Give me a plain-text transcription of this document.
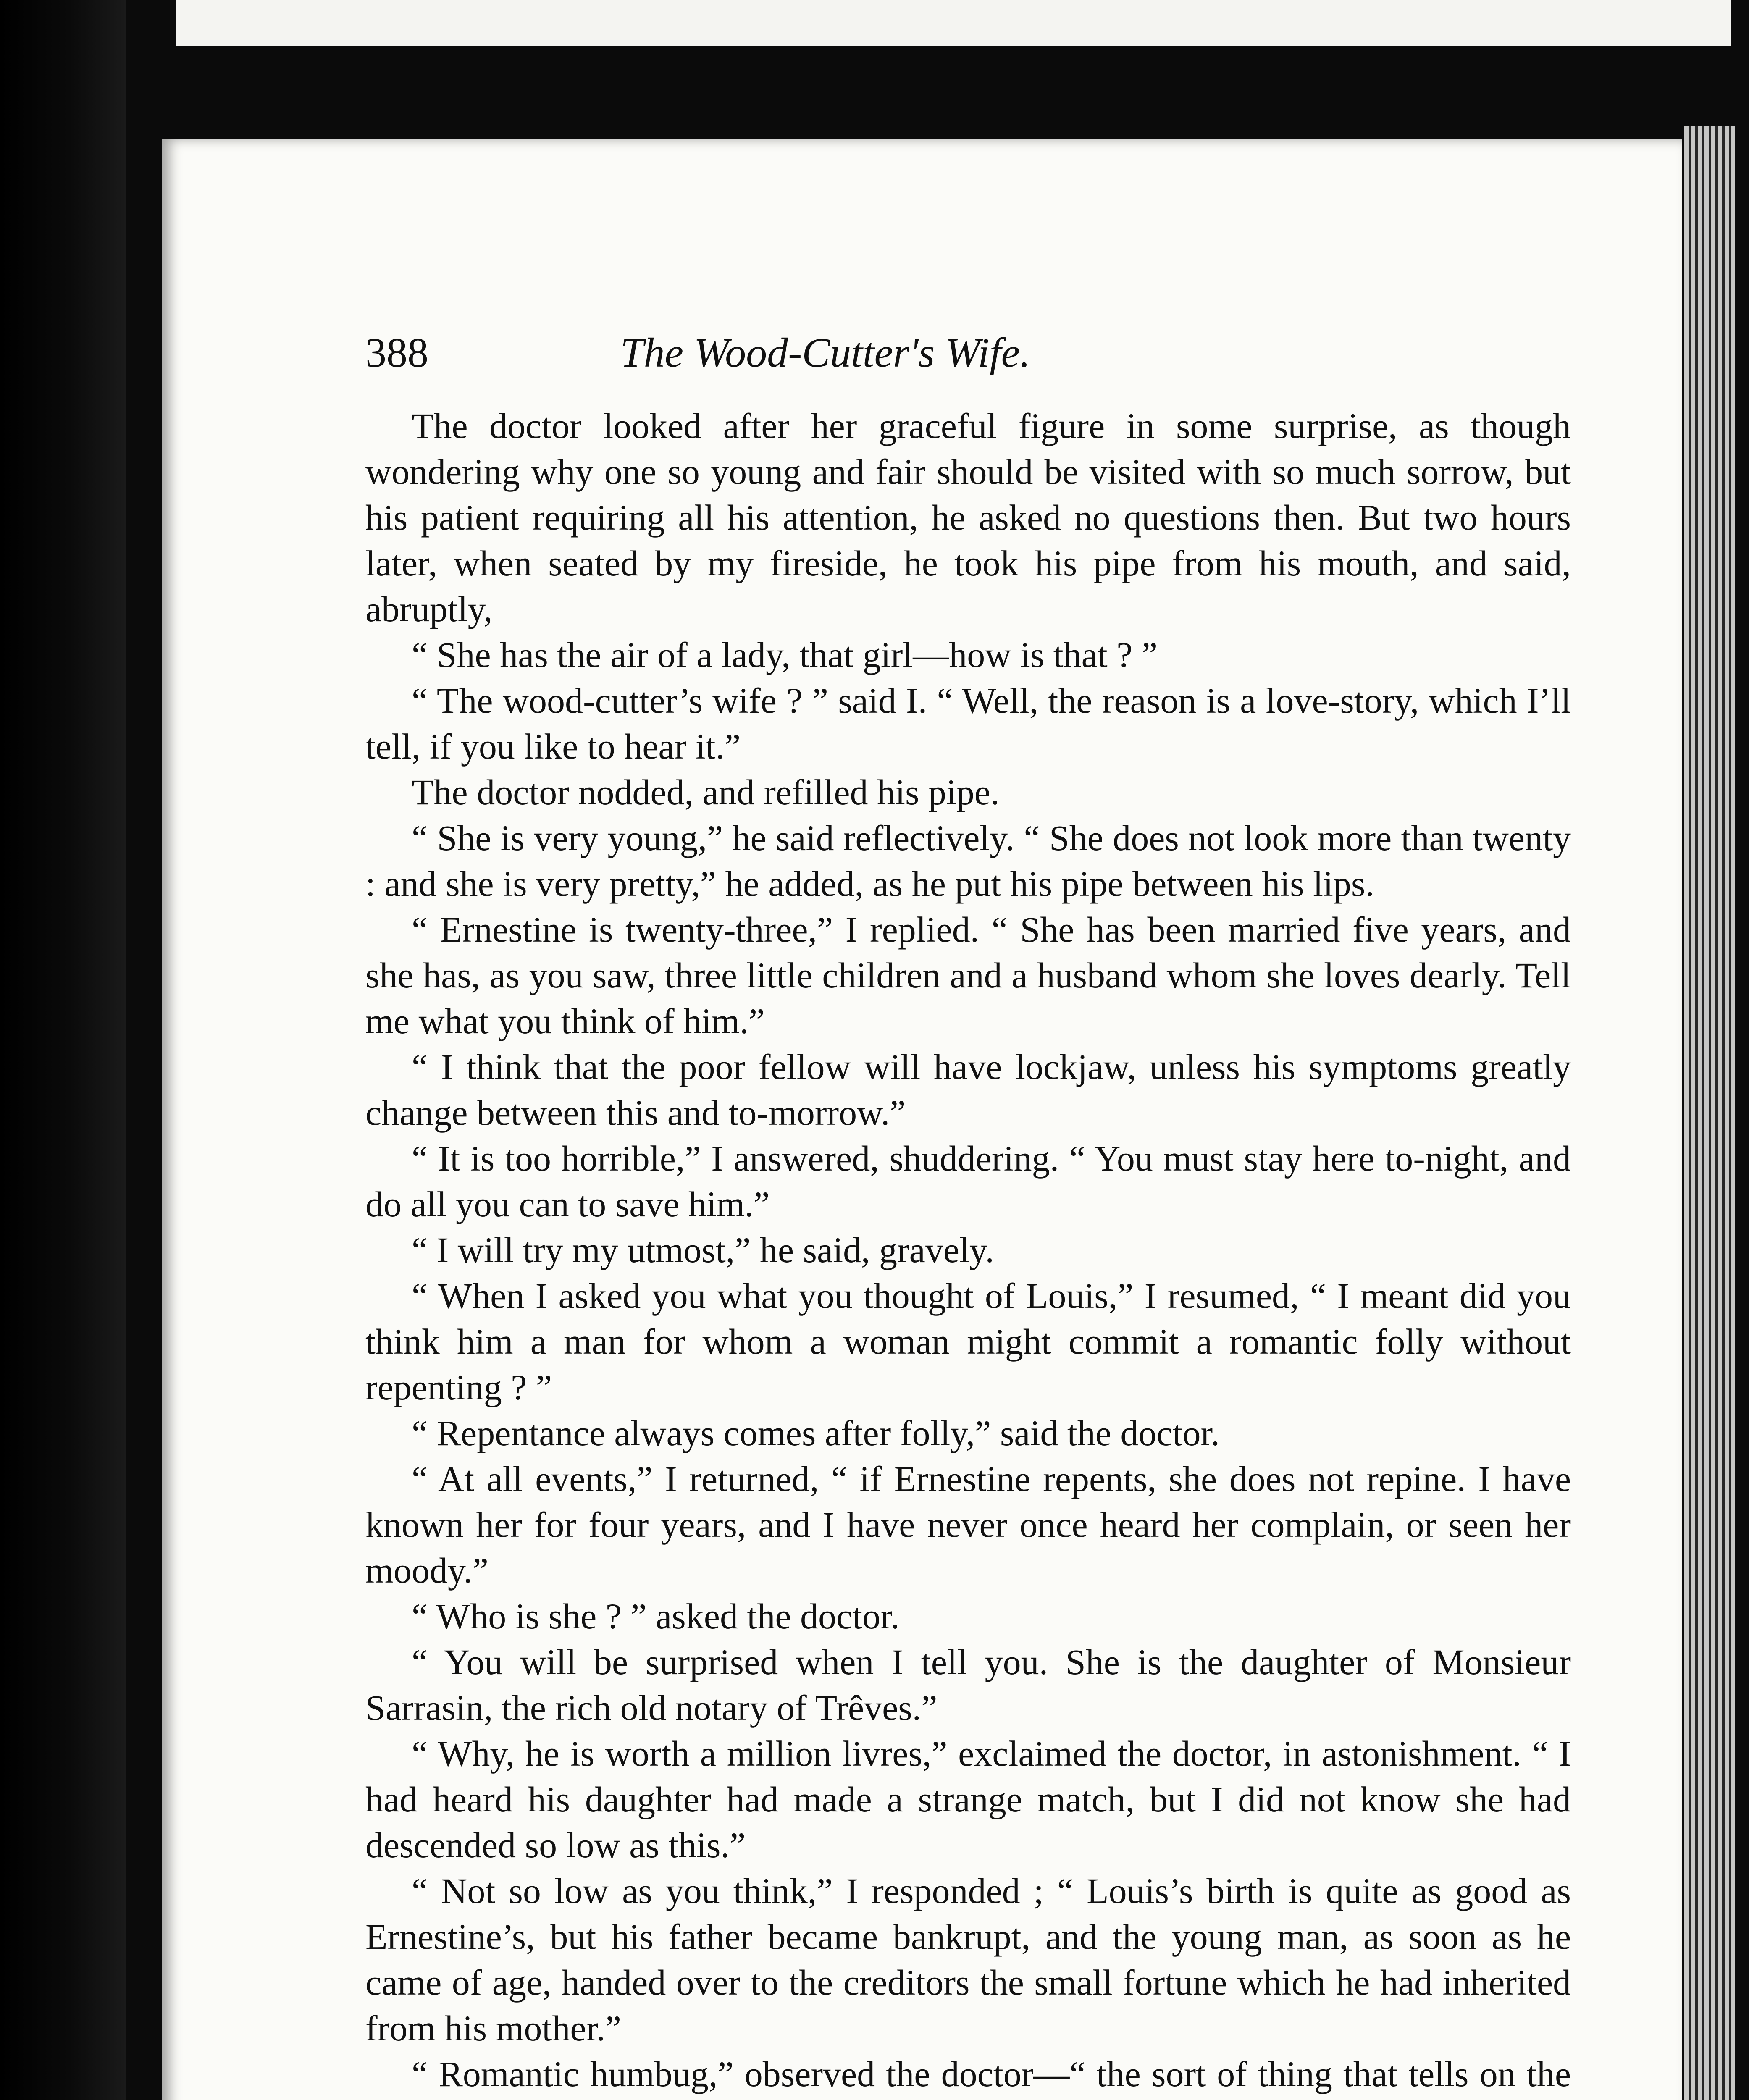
388	The Wood-Cutter's Wife.

The doctor looked after her graceful figure in some surprise, as though wondering why one so young and fair should be visited with so much sorrow, but his patient requiring all his attention, he asked no questions then. But two hours later, when seated by my fireside, he took his pipe from his mouth, and said, abruptly,

“ She has the air of a lady, that girl—how is that ? ”

“ The wood-cutter’s wife ? ” said I. “ Well, the reason is a love-story, which I’ll tell, if you like to hear it.”

The doctor nodded, and refilled his pipe.

“ She is very young,” he said reflectively. “ She does not look more than twenty : and she is very pretty,” he added, as he put his pipe between his lips.

“ Ernestine is twenty-three,” I replied. “ She has been married five years, and she has, as you saw, three little children and a husband whom she loves dearly. Tell me what you think of him.”

“ I think that the poor fellow will have lockjaw, unless his symptoms greatly change between this and to-morrow.”

“ It is too horrible,” I answered, shuddering. “ You must stay here to-night, and do all you can to save him.”

“ I will try my utmost,” he said, gravely.

“ When I asked you what you thought of Louis,” I resumed, “ I meant did you think him a man for whom a woman might commit a romantic folly without repenting ? ”

“ Repentance always comes after folly,” said the doctor.

“ At all events,” I returned, “ if Ernestine repents, she does not repine. I have known her for four years, and I have never once heard her complain, or seen her moody.”

“ Who is she ? ” asked the doctor.

“ You will be surprised when I tell you. She is the daughter of Monsieur Sarrasin, the rich old notary of Trêves.”

“ Why, he is worth a million livres,” exclaimed the doctor, in astonishment. “ I had heard his daughter had made a strange match, but I did not know she had descended so low as this.”

“ Not so low as you think,” I responded ; “ Louis’s birth is quite as good as Ernestine’s, but his father became bankrupt, and the young man, as soon as he came of age, handed over to the creditors the small fortune which he had inherited from his mother.”

“ Romantic humbug,” observed the doctor—“ the sort of thing that tells on the
